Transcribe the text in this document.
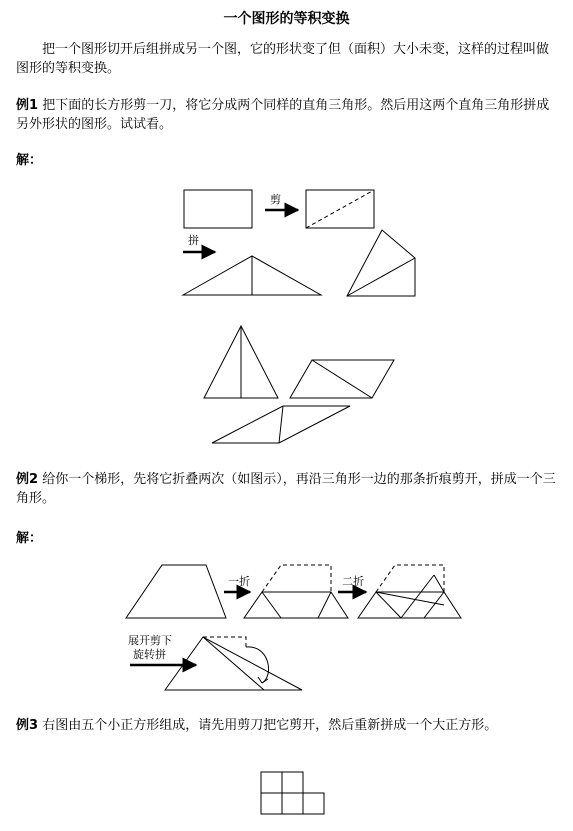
一个图形的等积变换

把一个图形切开后组拼成另一个图，它的形状变了但（面积）大小未变，这样的过程叫做图形的等积变换。

例1 把下面的长方形剪一刀，将它分成两个同样的直角三角形。然后用这两个直角三角形拼成另外形状的图形。试试看。

解：

例2 给你一个梯形，先将它折叠两次（如图示），再沿三角形一边的那条折痕剪开，拼成一个三角形。

解：

例3 右图由五个小正方形组成，请先用剪刀把它剪开，然后重新拼成一个大正方形。

剪
拼
一折	二折
展开剪下
旋转拼
